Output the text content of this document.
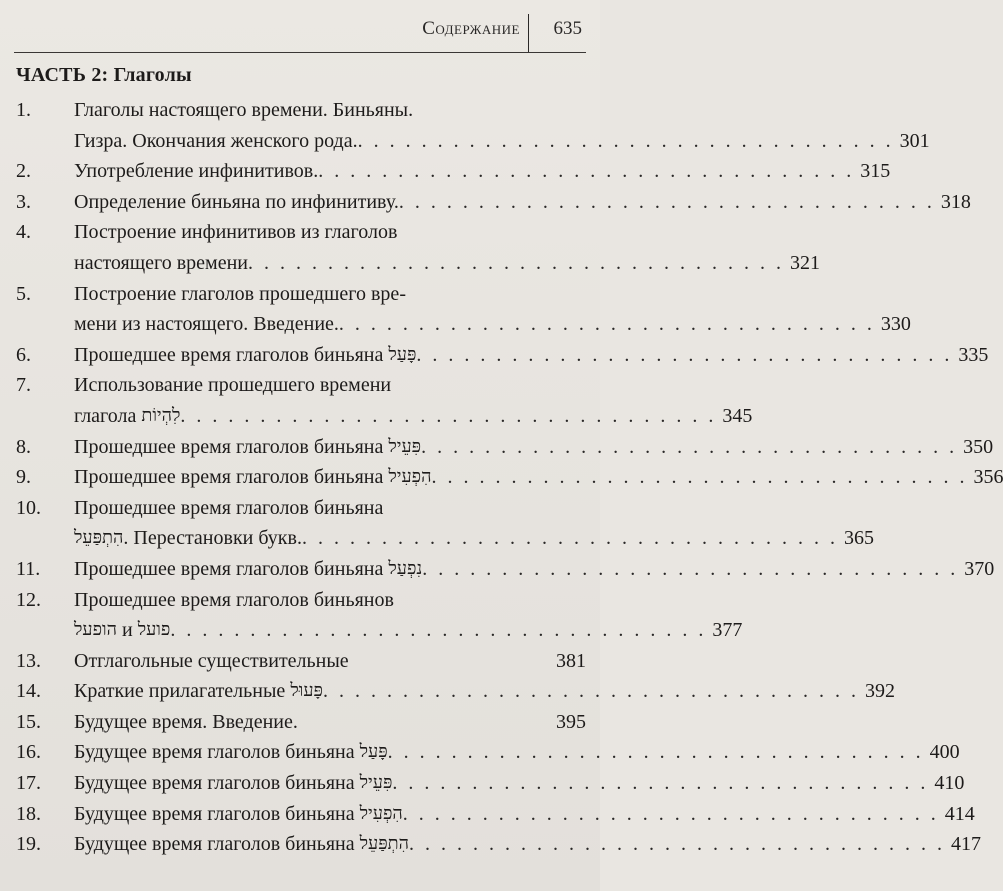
Содержание 635
ЧАСТЬ 2: Глаголы
1.	Глаголы настоящего времени. Биньяны.
Гизра. Окончания женского рода. . . . . . . . . . . . . . . . . . . . . . . . . . . . . . . . . . . 301
2.	Употребление инфинитивов. . . . . . . . . . . . . . . . . . . . . . . . . . . . . . . . . . . 315
3.	Определение биньяна по инфинитиву. . . . . . . . . . . . . . . . . . . . . . . . . . . . . . . . . . . 318
4.	Построение инфинитивов из глаголов
настоящего времени . . . . . . . . . . . . . . . . . . . . . . . . . . . . . . . . . . 321
5.	Построение глаголов прошедшего вре-
мени из настоящего. Введение. . . . . . . . . . . . . . . . . . . . . . . . . . . . . . . . . . . 330
6.	Прошедшее время глаголов биньяна
פָּעַל . . . . . . . . . . . . . . . . . . . . . . . . . . . . . . . . . . 335
7.	Использование прошедшего времени
глагола
לִהְיוֹת . . . . . . . . . . . . . . . . . . . . . . . . . . . . . . . . . . 345
8.	Прошедшее время глаголов биньяна
פִּעֵיל . . . . . . . . . . . . . . . . . . . . . . . . . . . . . . . . . . 350
9.	Прошедшее время глаголов биньяна
הִפְעִיל . . . . . . . . . . . . . . . . . . . . . . . . . . . . . . . . . . 356
10.	Прошедшее время глаголов биньяна
הִתְפַּעֵל . Перестановки букв. . . . . . . . . . . . . . . . . . . . . . . . . . . . . . . . . . . 365
11.	Прошедшее время глаголов биньяна
נִפְעַל . . . . . . . . . . . . . . . . . . . . . . . . . . . . . . . . . . 370
12.	Прошедшее время глаголов биньянов
הופעל и פועל . . . . . . . . . . . . . . . . . . . . . . . . . . . . . . . . . . 377
13.	Отглагольные существительные
	381
14.	Краткие прилагательные
פָּעוּל . . . . . . . . . . . . . . . . . . . . . . . . . . . . . . . . . . 392
15.	Будущее время. Введение.
	395
16.	Будущее время глаголов биньяна
פָּעַל . . . . . . . . . . . . . . . . . . . . . . . . . . . . . . . . . . 400
17.	Будущее время глаголов биньяна
פִּעֵיל . . . . . . . . . . . . . . . . . . . . . . . . . . . . . . . . . . 410
18.	Будущее время глаголов биньяна
הִפְעִיל . . . . . . . . . . . . . . . . . . . . . . . . . . . . . . . . . . 414
19.	Будущее время глаголов биньяна
הִתְפַּעֵל . . . . . . . . . . . . . . . . . . . . . . . . . . . . . . . . . . 417
